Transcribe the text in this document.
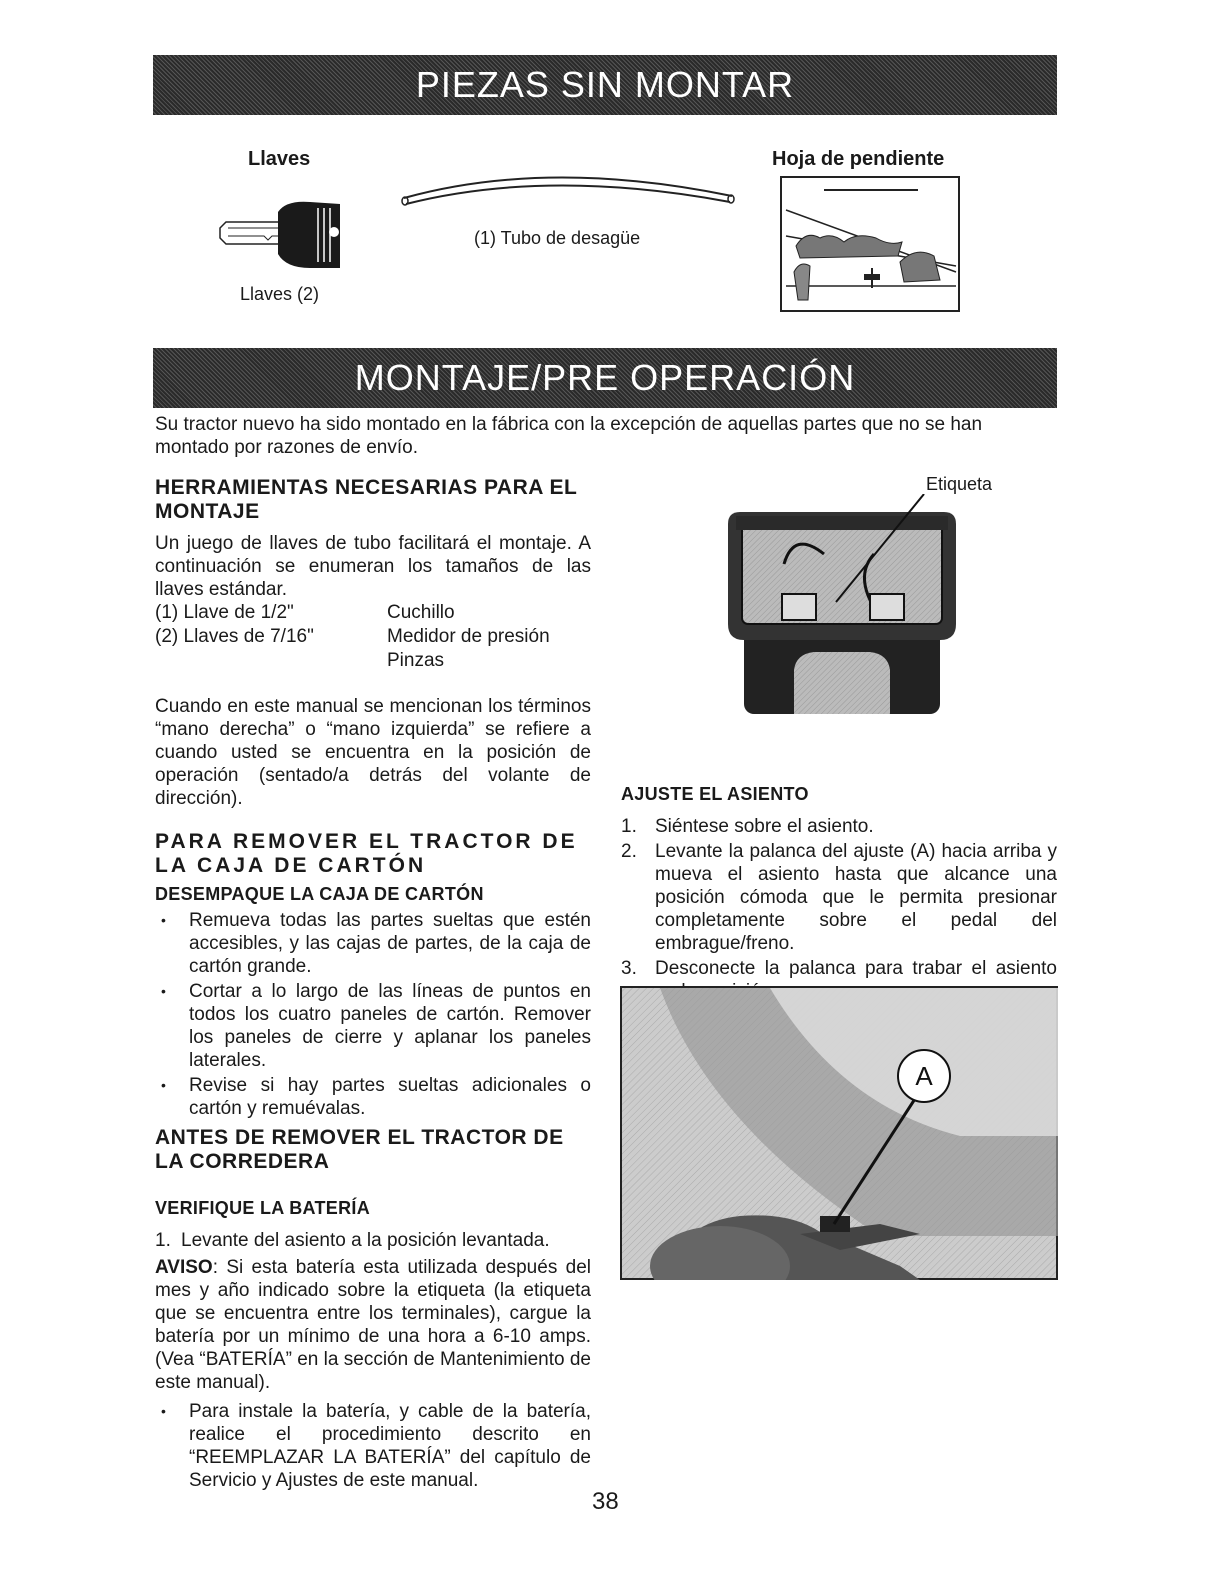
PIEZAS SIN MONTAR
Llaves
Llaves (2)
(1) Tubo de desagüe
Hoja de pendiente
MONTAJE/PRE OPERACIÓN
Su tractor nuevo ha sido montado en la fábrica con la excepción de aquellas partes que no se han montado por razones de envío.
HERRAMIENTAS NECESARIAS PARA EL MONTAJE
Un juego de llaves de tubo facilitará el montaje. A continuación se enumeran los tamaños de las llaves estándar.
(1) Llave de 1/2"	Cuchillo
(2) Llaves de 7/16"	Medidor de presión
Pinzas
Cuando en este manual se mencionan los términos “mano derecha” o “mano izquierda” se refiere a cuando usted se encuentra en la posición de operación (sentado/a detrás del volante de dirección).
PARA REMOVER EL TRACTOR DE LA CAJA DE CARTÓN
DESEMPAQUE LA CAJA DE CARTÓN
• Remueva todas las partes sueltas que estén accesibles, y las cajas de partes, de la caja de cartón grande.
• Cortar a lo largo de las líneas de puntos en todos los cuatro paneles de cartón. Remover los paneles de cierre y aplanar los paneles laterales.
• Revise si hay partes sueltas adicionales o cartón y remuévalas.
ANTES DE REMOVER EL TRACTOR DE LA CORREDERA
VERIFIQUE LA BATERÍA
1. Levante del asiento a la posición levantada.
AVISO: Si esta batería esta utilizada después del mes y año indicado sobre la etiqueta (la etiqueta que se encuentra entre los terminales), cargue la batería por un mínimo de una hora a 6-10 amps. (Vea “BATERÍA” en la sección de Mantenimiento de este manual).
• Para instale la batería, y cable de la batería, realice el procedimiento descrito en “REEMPLAZAR LA BATERÍA” del capítulo de Servicio y Ajustes de este manual.
Etiqueta
AJUSTE EL ASIENTO
1. Siéntese sobre el asiento.
2. Levante la palanca del ajuste (A) hacia arriba y mueva el asiento hasta que alcance una posición cómoda que le permita presionar completamente sobre el pedal del embrague/freno.
3. Desconecte la palanca para trabar el asiento
A
38
